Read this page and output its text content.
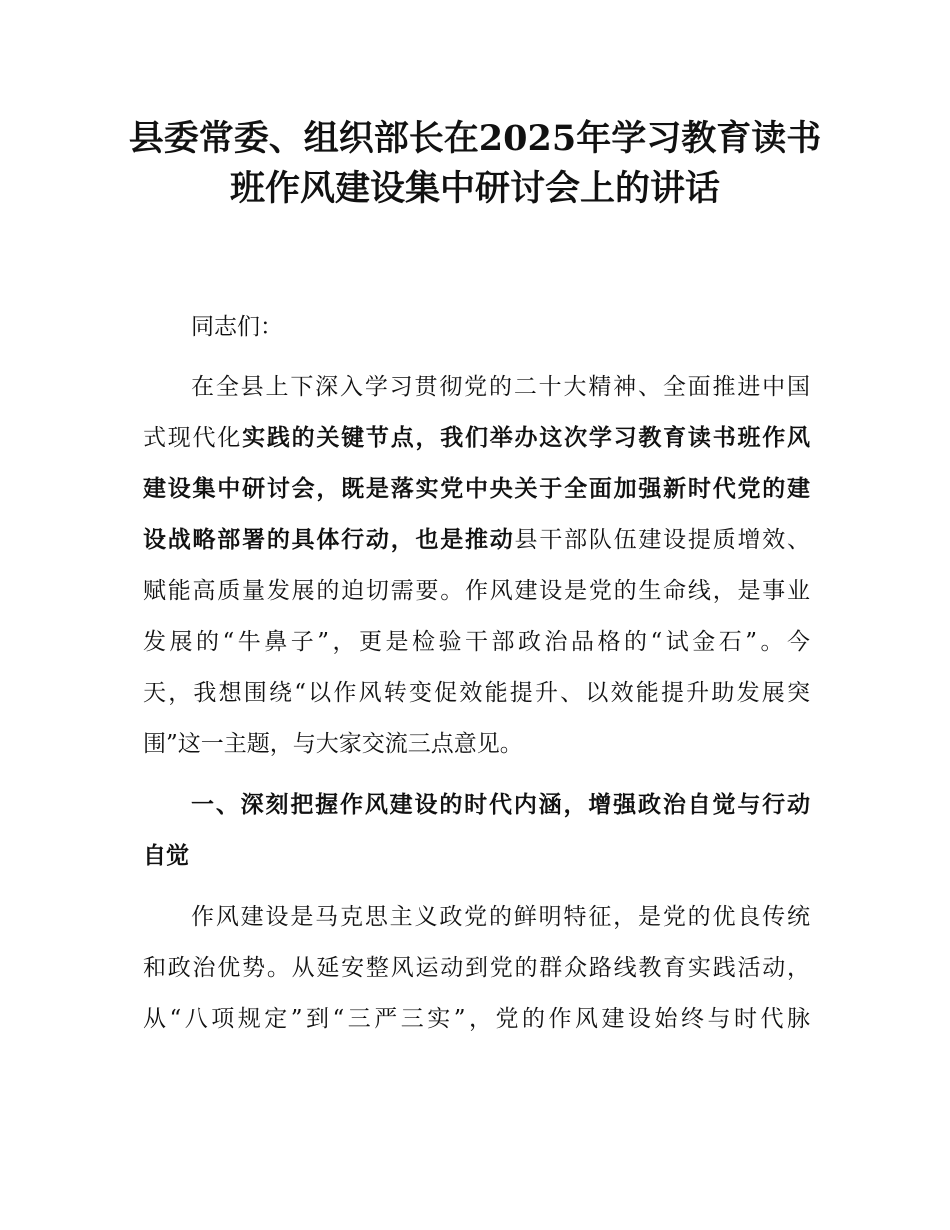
县委常委、组织部长在2025年学习教育读书
班作风建设集中研讨会上的讲话

同志们：

在全县上下深入学习贯彻党的二十大精神、全面推进中国

式现代化实践的关键节点，我们举办这次学习教育读书班作风

建设集中研讨会，既是落实党中央关于全面加强新时代党的建

设战略部署的具体行动，也是推动县干部队伍建设提质增效、

赋能高质量发展的迫切需要。作风建设是党的生命线，是事业

发展的“牛鼻子”，更是检验干部政治品格的“试金石”。今

天，我想围绕“以作风转变促效能提升、以效能提升助发展突

围”这一主题，与大家交流三点意见。

一、深刻把握作风建设的时代内涵，增强政治自觉与行动

自觉

作风建设是马克思主义政党的鲜明特征，是党的优良传统

和政治优势。从延安整风运动到党的群众路线教育实践活动，

从“八项规定”到“三严三实”，党的作风建设始终与时代脉
